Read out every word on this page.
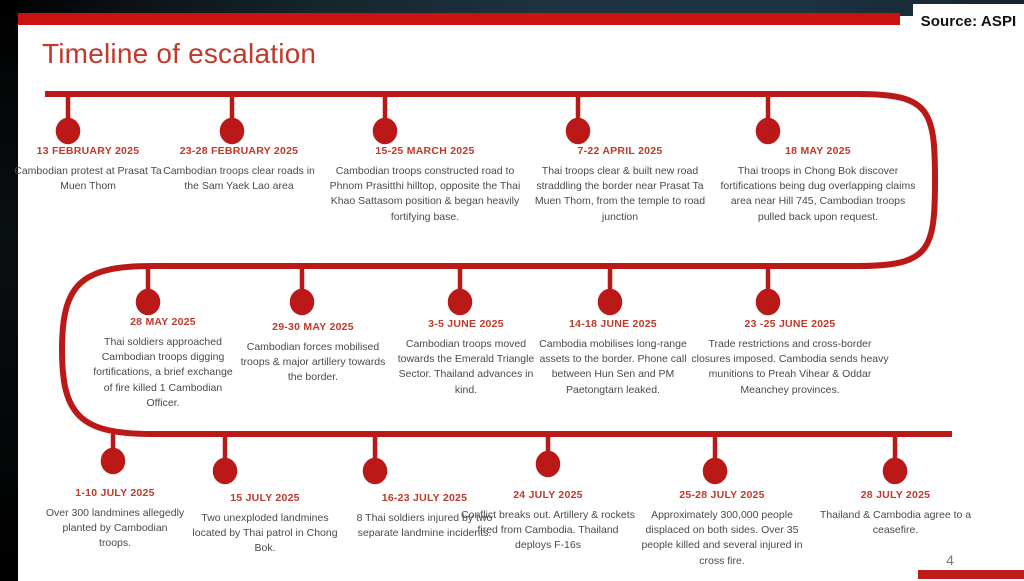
Source: ASPI
Timeline of escalation
13 FEBRUARY 2025
Cambodian protest at Prasat Ta Muen Thom
23-28 FEBRUARY 2025
Cambodian troops clear roads in the Sam Yaek Lao area
15-25 MARCH 2025
Cambodian troops constructed road to Phnom Prasitthi hilltop, opposite the Thai Khao Sattasom position & began heavily fortifying base.
7-22 APRIL 2025
Thai troops clear & built new road straddling the border near Prasat Ta Muen Thom, from the temple to road junction
18 MAY 2025
Thai troops in Chong Bok discover fortifications being dug overlapping claims area near Hill 745, Cambodian troops pulled back upon request.
28 MAY 2025
Thai soldiers approached Cambodian troops digging fortifications, a brief exchange of fire killed 1 Cambodian Officer.
29-30 MAY 2025
Cambodian forces mobilised troops & major artillery towards the border.
3-5 JUNE 2025
Cambodian troops moved towards the Emerald Triangle Sector. Thailand advances in kind.
14-18 JUNE 2025
Cambodia mobilises long-range assets to the border. Phone call between Hun Sen and PM Paetongtarn leaked.
23 -25 JUNE 2025
Trade restrictions and cross-border closures imposed. Cambodia sends heavy munitions to Preah Vihear & Oddar Meanchey provinces.
1-10 JULY 2025
Over 300 landmines allegedly planted by Cambodian troops.
15 JULY 2025
Two unexploded landmines located by Thai patrol in Chong Bok.
16-23 JULY 2025
8 Thai soldiers injured by two separate landmine incidents.
24 JULY 2025
Conflict breaks out. Artillery & rockets fired from Cambodia. Thailand deploys F-16s
25-28 JULY 2025
Approximately 300,000 people displaced on both sides. Over 35 people killed and several injured in cross fire.
28 JULY 2025
Thailand & Cambodia agree to a ceasefire.
4
